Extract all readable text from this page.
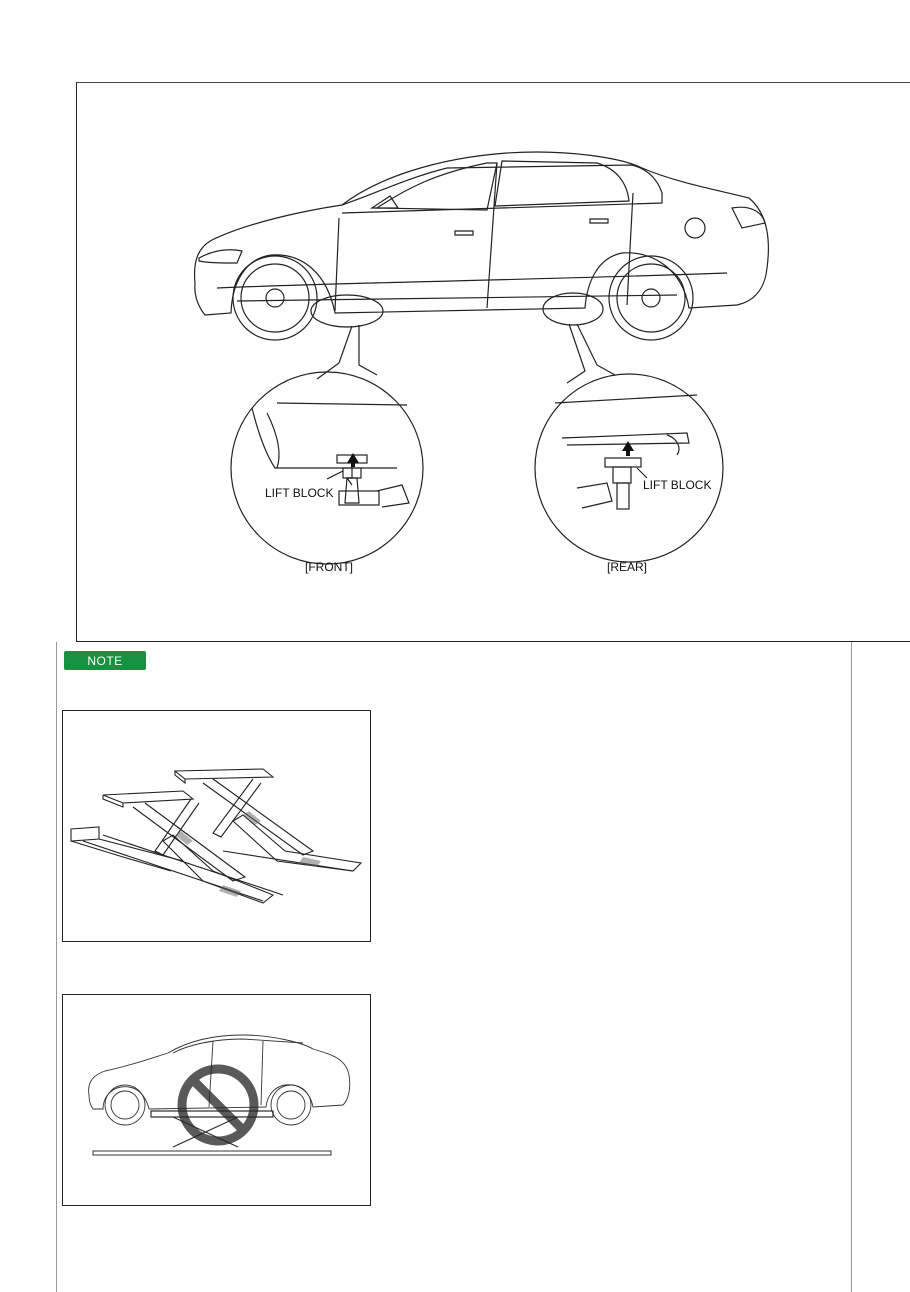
LIFT BLOCK
LIFT BLOCK
[FRONT]	[REAR]
NOTE
